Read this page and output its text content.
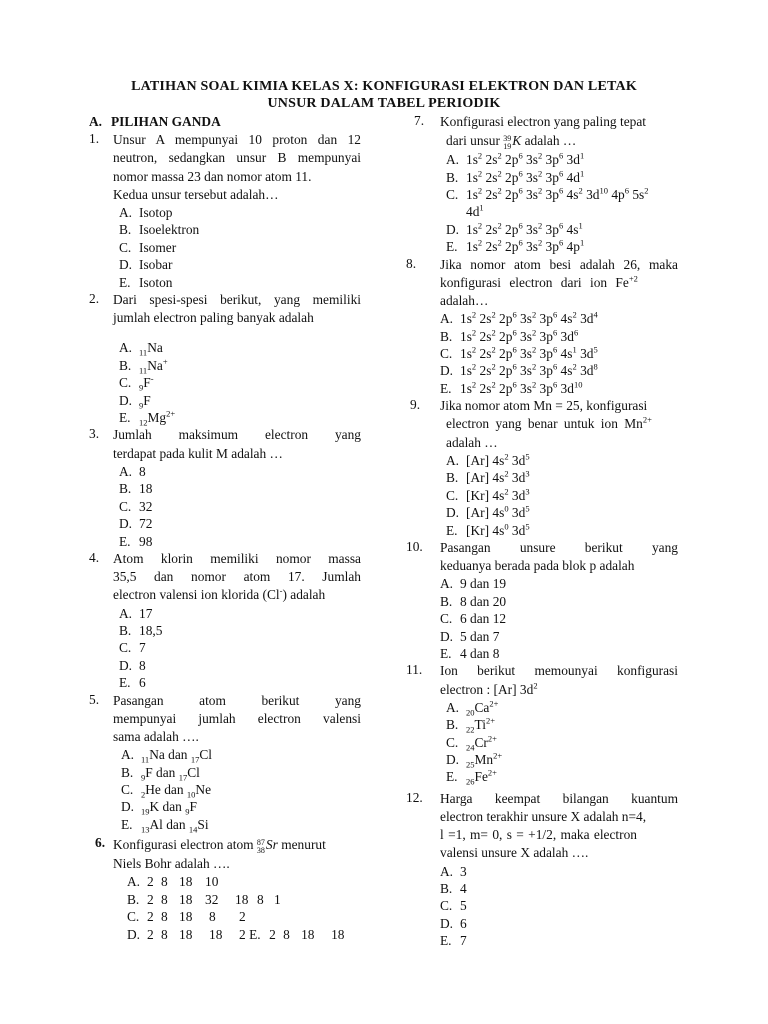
LATIHAN SOAL KIMIA KELAS X: KONFIGURASI ELEKTRON DAN LETAK
UNSUR DALAM TABEL PERIODIK
A. PILIHAN GANDA
1. Unsur A mempunyai 10 proton dan 12
neutron, sedangkan unsur B mempunyai
nomor massa 23 dan nomor atom 11.
Kedua unsur tersebut adalah…
A. Isotop
B. Isoelektron
C. Isomer
D. Isobar
E. Isoton
2. Dari spesi-spesi berikut, yang memiliki
jumlah electron paling banyak adalah
A. $_{11}$Na
B. $_{11}$Na+
C. $_9$F-
D. $_9$F
E. $_{12}Mg^{2+}$
3. Jumlah maksimum electron yang
terdapat pada kulit M adalah …
A. 8
B. 18
C. 32
D. 72
E. 98
4. Atom klorin memiliki nomor massa
35,5 dan nomor atom 17. Jumlah
electron valensi ion klorida (Cl-) adalah
A. 17
B. 18,5
C. 7
D. 8
E. 6
5. Pasangan atom berikut yang
mempunyai jumlah electron valensi
sama adalah ….
A. $_{11}$Na dan $_{17}$Cl
B. $_9$F dan $_{17}$Cl
C. $_2$He dan $_{10}$Ne
D. $_{19}$K dan $_9$F
E. $_{13}$Al dan $_{14}$Si
6. Konfigurasi electron atom 87
38Sr menurut
Niels Bohr adalah ….
A. 2 8 18 10 B. 2 8 18 32 18 8 1 C. 2 8 18 8 2 D. 2 8 18 18 2 E. 2 8 18 18
7. Konfigurasi electron yang paling tepat
dari unsur 39
19K adalah …
A. $1s^2$ $2s^2$ $2p^6$ $3s^2$ $3p^6$ $3d^1$
B. $1s^2$ $2s^2$ $2p^6$ $3s^2$ $3p^6$ $4d^1$
C. $1s^2$ $2s^2$ $2p^6$ $3s^2$ $3p^6$ $4s^2$ $3d^{10}$ $4p^6$ $5s^2$
$4d^1$
D. $1s^2$ $2s^2$ $2p^6$ $3s^2$ $3p^6$ $4s^1$
E. $1s^2$ $2s^2$ $2p^6$ $3s^2$ $3p^6$ $4p^1$
8. Jika nomor atom besi adalah 26, maka
konfigurasi electron dari ion $Fe^{+2}$
adalah…
A. $1s^2$ $2s^2$ $2p^6$ $3s^2$ $3p^6$ $4s^2$ $3d^4$
B. $1s^2$ $2s^2$ $2p^6$ $3s^2$ $3p^6$ $3d^6$
C. $1s^2$ $2s^2$ $2p^6$ $3s^2$ $3p^6$ $4s^1$ $3d^5$
D. $1s^2$ $2s^2$ $2p^6$ $3s^2$ $3p^6$ $4s^2$ $3d^8$
E. $1s^2$ $2s^2$ $2p^6$ $3s^2$ $3p^6$ $3d^{10}$
9. Jika nomor atom Mn = 25, konfigurasi
electron yang benar untuk ion $Mn^{2+}$
adalah …
A. [Ar] $4s^2$ $3d^5$
B. [Ar] $4s^2$ $3d^3$
C. [Kr] $4s^2$ $3d^3$
D. [Ar] $4s^0$ $3d^5$
E. [Kr] $4s^0$ $3d^5$
10. Pasangan unsure berikut yang
keduanya berada pada blok p adalah
A. 9 dan 19
B. 8 dan 20
C. 6 dan 12
D. 5 dan 7
E. 4 dan 8
11. Ion berikut memounyai konfigurasi
electron : [Ar] $3d^2$
A. $_{20}Ca^{2+}$
B. $_{22}Ti^{2+}$
C. $_{24}Cr^{2+}$
D. $_{25}Mn^{2+}$
E. $_{26}Fe^{2+}$
12. Harga keempat bilangan kuantum
electron terakhir unsure X adalah n=4,
l =1, m= 0, s = +1/2, maka electron
valensi unsure X adalah ….
A. 3
B. 4
C. 5
D. 6
E. 7
